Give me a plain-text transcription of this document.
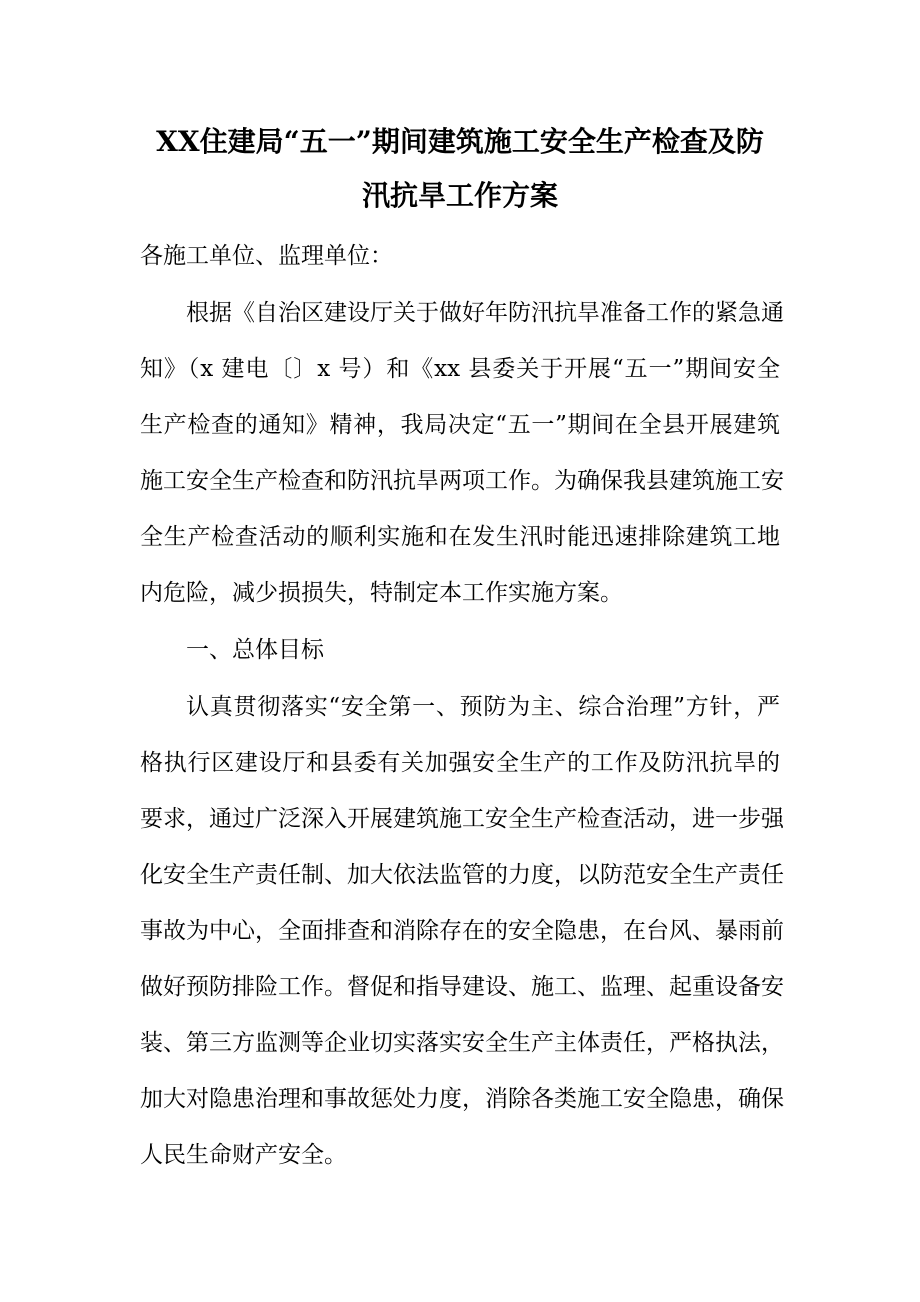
XX住建局“五一”期间建筑施工安全生产检查及防
汛抗旱工作方案

各施工单位、监理单位：

根据《自治区建设厅关于做好年防汛抗旱准备工作的紧急通

知》（x 建电〔〕x 号）和《xx 县委关于开展“五一”期间安全

生产检查的通知》精神，我局决定“五一”期间在全县开展建筑

施工安全生产检查和防汛抗旱两项工作。为确保我县建筑施工安

全生产检查活动的顺利实施和在发生汛时能迅速排除建筑工地

内危险，减少损损失，特制定本工作实施方案。

一、总体目标

认真贯彻落实“安全第一、预防为主、综合治理”方针，严

格执行区建设厅和县委有关加强安全生产的工作及防汛抗旱的

要求，通过广泛深入开展建筑施工安全生产检查活动，进一步强

化安全生产责任制、加大依法监管的力度，以防范安全生产责任

事故为中心，全面排查和消除存在的安全隐患，在台风、暴雨前

做好预防排险工作。督促和指导建设、施工、监理、起重设备安

装、第三方监测等企业切实落实安全生产主体责任，严格执法，

加大对隐患治理和事故惩处力度，消除各类施工安全隐患，确保

人民生命财产安全。
